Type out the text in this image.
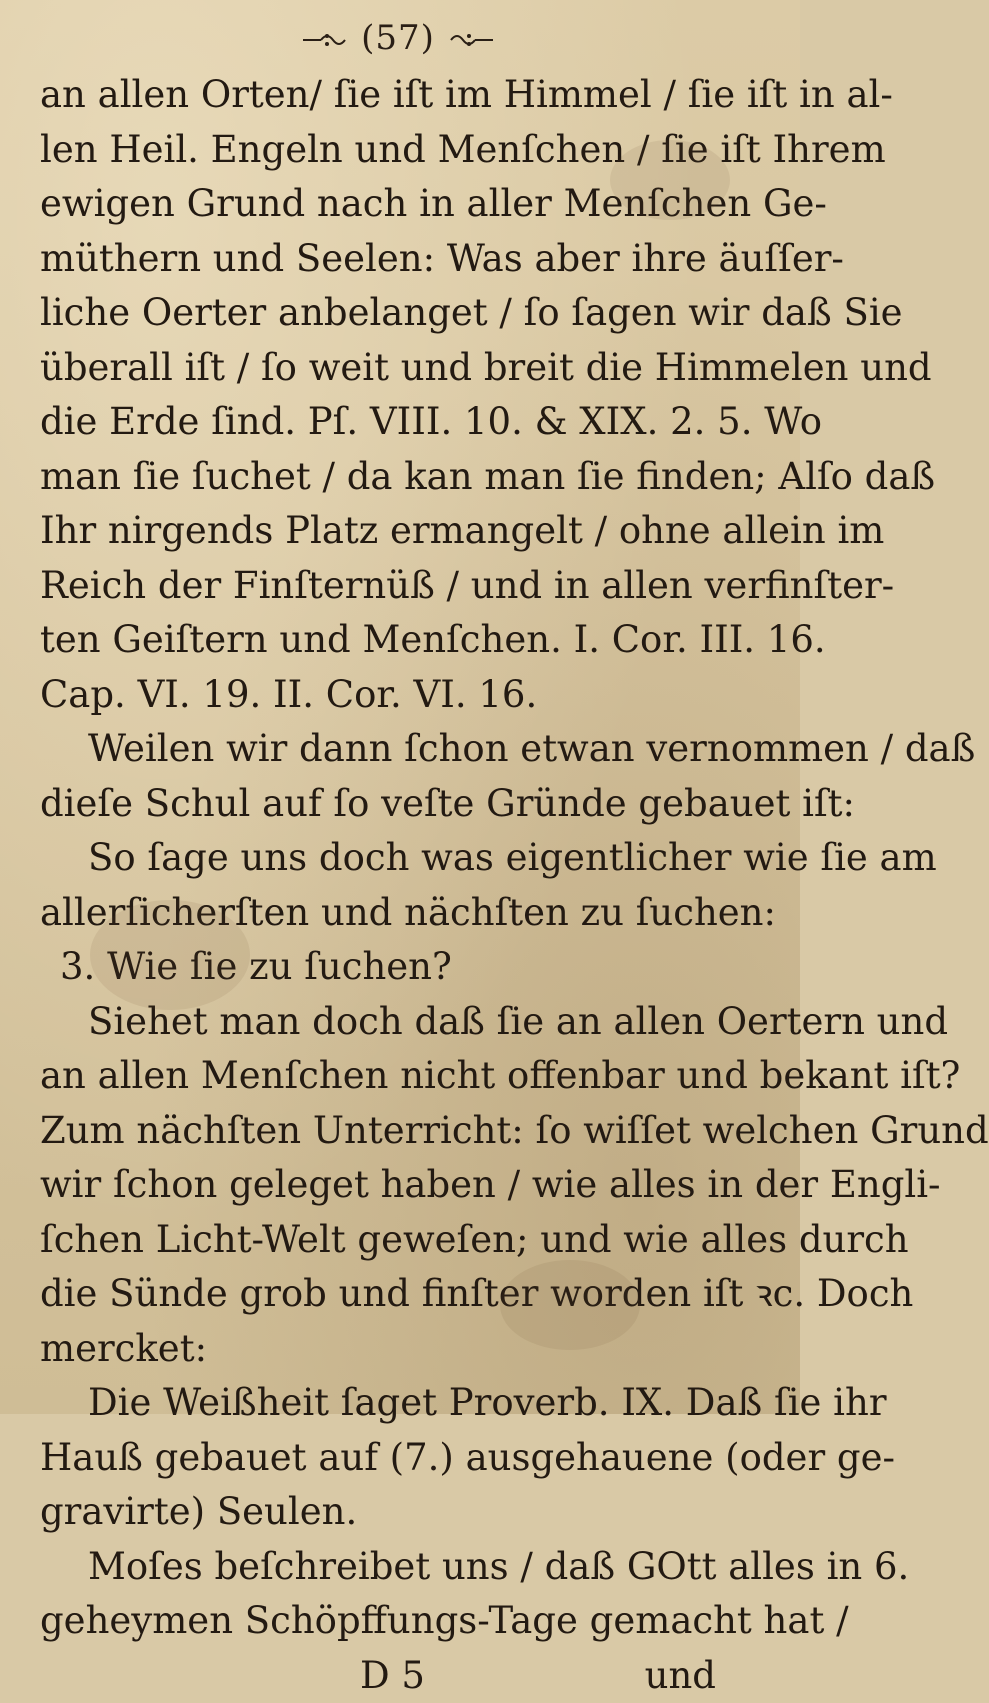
(57)
an allen Orten/ ſie iſt im Himmel / ſie iſt in al-
len Heil. Engeln und Menſchen / ſie iſt Ihrem
ewigen Grund nach in aller Menſchen Ge-
müthern und Seelen: Was aber ihre äuſſer-
liche Oerter anbelanget / ſo ſagen wir daß Sie
überall iſt / ſo weit und breit die Himmelen und
die Erde ſind. Pſ. VIII. 10. & XIX. 2. 5. Wo
man ſie ſuchet / da kan man ſie finden; Alſo daß
Ihr nirgends Platz ermangelt / ohne allein im
Reich der Finſternüß / und in allen verfinſter-
ten Geiſtern und Menſchen. I. Cor. III. 16.
Cap. VI. 19. II. Cor. VI. 16.
Weilen wir dann ſchon etwan vernommen / daß
dieſe Schul auf ſo veſte Gründe gebauet iſt:
So ſage uns doch was eigentlicher wie ſie am
allerſicherſten und nächſten zu ſuchen:
3. Wie ſie zu ſuchen?
Siehet man doch daß ſie an allen Oertern und
an allen Menſchen nicht offenbar und bekant iſt?
Zum nächſten Unterricht: ſo wiſſet welchen Grund
wir ſchon geleget haben / wie alles in der Engli-
ſchen Licht-Welt geweſen; und wie alles durch
die Sünde grob und finſter worden iſt ꝛc. Doch
mercket:
Die Weißheit ſaget Proverb. IX. Daß ſie ihr
Hauß gebauet auf (7.) ausgehauene (oder ge-
gravirte) Seulen.
Moſes beſchreibet uns / daß GOtt alles in 6.
geheymen Schöpffungs-Tage gemacht hat /
D 5	und
